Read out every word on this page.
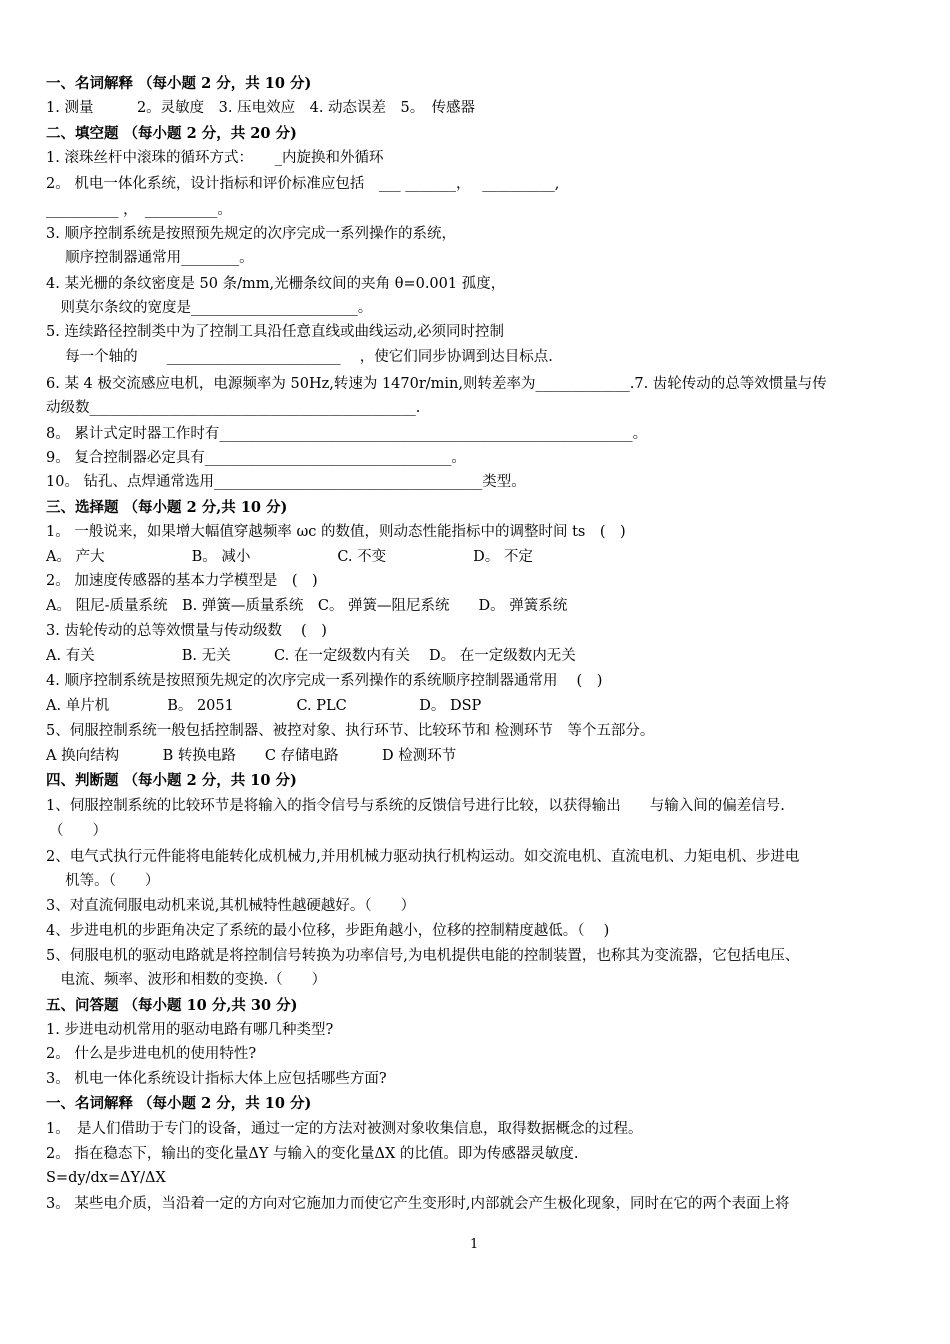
一、名词解释 （每小题 2 分，共 10 分)
1. 测量　　　2。灵敏度　3. 压电效应　4. 动态误差　5。　传感器
二、填空题 （每小题 2 分，共 20 分)
1. 滚珠丝杆中滚珠的循环方式：　　_内旋换和外循环
2。 机电一体化系统，设计指标和评价标准应包括　___ _______，　 __________,
__________ ，　__________。
3. 顺序控制系统是按照预先规定的次序完成一系列操作的系统，
　 顺序控制器通常用________。
4. 某光栅的条纹密度是 50 条/mm,光栅条纹间的夹角 θ=0.001 孤度，
　则莫尔条纹的宽度是_______________________。
5. 连续路径控制类中为了控制工具沿任意直线或曲线运动,必须同时控制
　 每一个轴的　　________________________ 　，使它们同步协调到达目标点.
6. 某 4 极交流感应电机，电源频率为 50Hz,转速为 1470r/min,则转差率为_____________.7. 齿轮传动的总等效惯量与传
动级数_____________________________________________.
8。 累计式定时器工作时有_________________________________________________________。
9。 复合控制器必定具有__________________________________。
10。 钻孔、点焊通常选用_____________________________________类型。
三、选择题 （每小题 2 分,共 10 分)
1。 一般说来，如果增大幅值穿越频率 ωc 的数值，则动态性能指标中的调整时间 ts　(　)
A。 产大　　　　　　B。 减小　　　　　　C. 不变　　　　　　D。 不定
2。 加速度传感器的基本力学模型是　(　)
A。 阻尼-质量系统　B. 弹簧—质量系统　C。 弹簧—阻尼系统　　D。 弹簧系统
3. 齿轮传动的总等效惯量与传动级数　 (　)
A. 有关　　　　　　B. 无关　　　C. 在一定级数内有关　 D。 在一定级数内无关
4. 顺序控制系统是按照预先规定的次序完成一系列操作的系统顺序控制器通常用　 (　)
A. 单片机　　　　B。 2051　　　　 C. PLC　　　　　D。 DSP
5、伺服控制系统一般包括控制器、被控对象、执行环节、比较环节和 检测环节　等个五部分。
A 换向结构　　　B 转换电路　　C 存储电路　　　D 检测环节
四、判断题 （每小题 2 分，共 10 分)
1、伺服控制系统的比较环节是将输入的指令信号与系统的反馈信号进行比较，以获得输出　　与输入间的偏差信号.
（　　）
2、电气式执行元件能将电能转化成机械力,并用机械力驱动执行机构运动。如交流电机、直流电机、力矩电机、步进电
　 机等。（　　）
3、对直流伺服电动机来说,其机械特性越硬越好。（　　）
4、步进电机的步距角决定了系统的最小位移，步距角越小，位移的控制精度越低。（　 )
5、伺服电机的驱动电路就是将控制信号转换为功率信号,为电机提供电能的控制装置，也称其为变流器，它包括电压、
　电流、频率、波形和相数的变换.（　　）
五、问答题 （每小题 10 分,共 30 分)
1. 步进电动机常用的驱动电路有哪几种类型?
2。 什么是步进电机的使用特性?
3。 机电一体化系统设计指标大体上应包括哪些方面?
一、名词解释 （每小题 2 分，共 10 分)
1。　是人们借助于专门的设备，通过一定的方法对被测对象收集信息，取得数据概念的过程。
2。 指在稳态下，输出的变化量ΔY 与输入的变化量ΔX 的比值。即为传感器灵敏度.
S=dy/dx=ΔY/ΔX
3。 某些电介质，当沿着一定的方向对它施加力而使它产生变形时,内部就会产生极化现象，同时在它的两个表面上将
1
